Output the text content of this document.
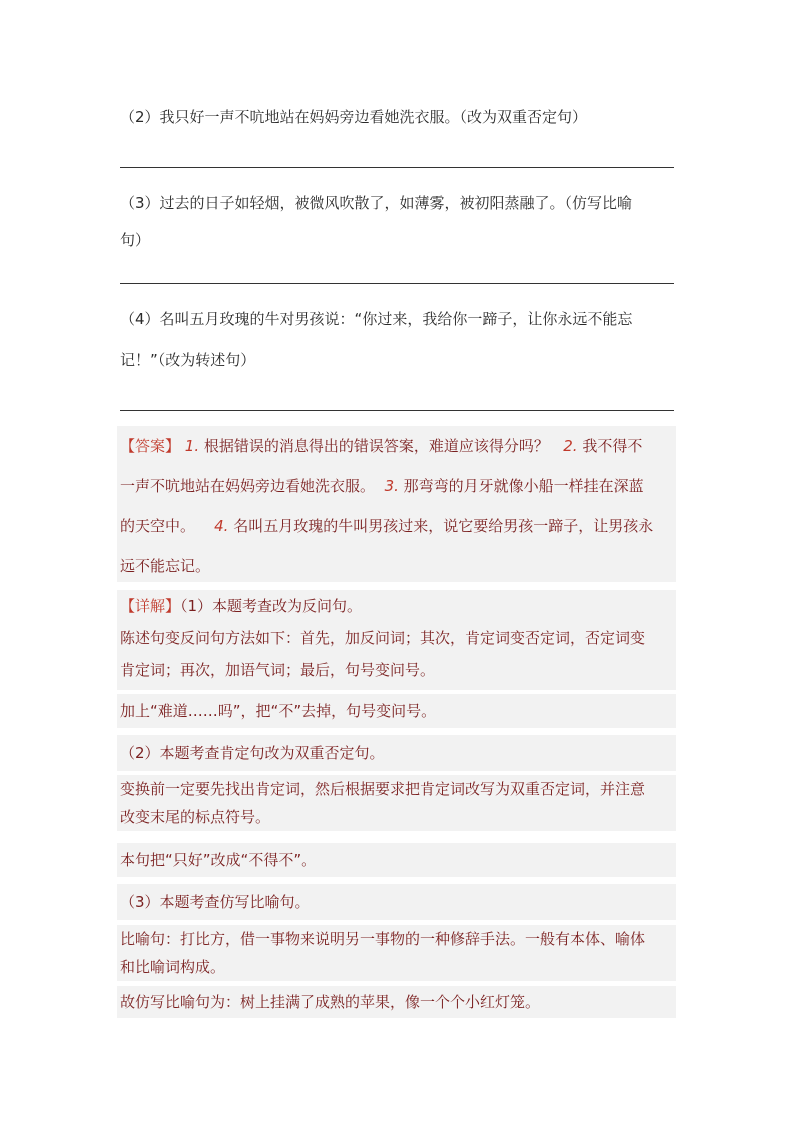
（2）我只好一声不吭地站在妈妈旁边看她洗衣服。（改为双重否定句）
（3）过去的日子如轻烟，被微风吹散了，如薄雾，被初阳蒸融了。（仿写比喻
句）
（4）名叫五月玫瑰的牛对男孩说：“你过来，我给你一蹄子，让你永远不能忘
记！”（改为转述句）
【答案】 1. 根据错误的消息得出的错误答案，难道应该得分吗？ 2. 我不得不
一声不吭地站在妈妈旁边看她洗衣服。 3. 那弯弯的月牙就像小船一样挂在深蓝
的天空中。 4. 名叫五月玫瑰的牛叫男孩过来，说它要给男孩一蹄子，让男孩永
远不能忘记。
【详解】（1）本题考查改为反问句。
陈述句变反问句方法如下：首先，加反问词；其次，肯定词变否定词，否定词变
肯定词；再次，加语气词；最后，句号变问号。
加上“难道……吗”，把“不”去掉，句号变问号。
（2）本题考查肯定句改为双重否定句。
变换前一定要先找出肯定词，然后根据要求把肯定词改写为双重否定词，并注意
改变末尾的标点符号。
本句把“只好”改成“不得不”。
（3）本题考查仿写比喻句。
比喻句：打比方，借一事物来说明另一事物的一种修辞手法。一般有本体、喻体
和比喻词构成。
故仿写比喻句为：树上挂满了成熟的苹果，像一个个小红灯笼。
